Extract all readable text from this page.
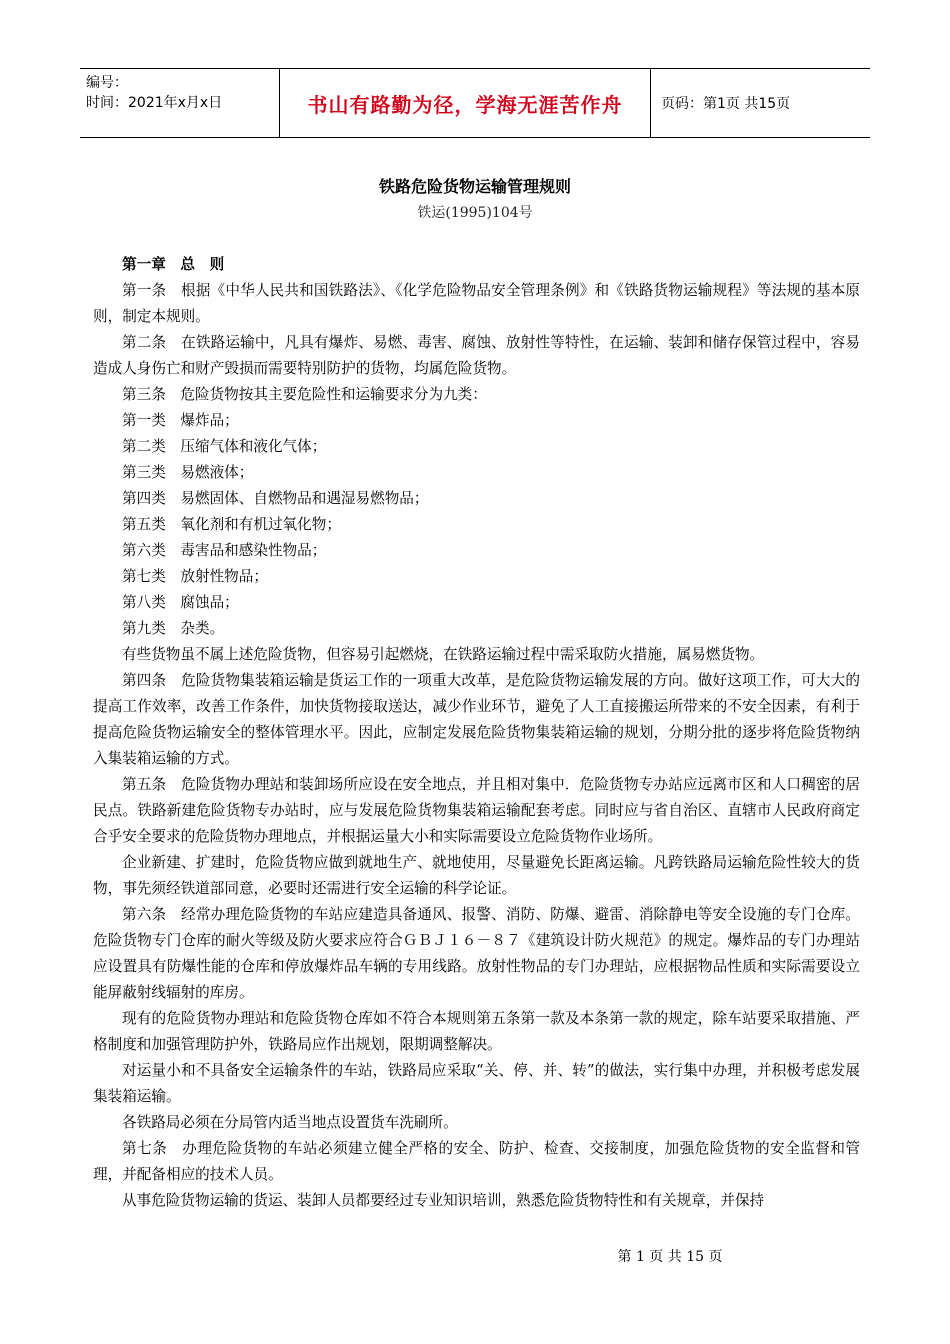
编号：
时间：2021年x月x日	书山有路勤为径，学海无涯苦作舟	页码：第1页 共15页
铁路危险货物运输管理规则
铁运(1995)104号

第一章　总　则

第一条　根据《中华人民共和国铁路法》、《化学危险物品安全管理条例》和《铁路货物运输规程》等法规的基本原则，制定本规则。

第二条　在铁路运输中，凡具有爆炸、易燃、毒害、腐蚀、放射性等特性，在运输、装卸和储存保管过程中，容易造成人身伤亡和财产毁损而需要特别防护的货物，均属危险货物。

第三条　危险货物按其主要危险性和运输要求分为九类：

第一类　爆炸品；

第二类　压缩气体和液化气体；

第三类　易燃液体；

第四类　易燃固体、自燃物品和遇湿易燃物品；

第五类　氧化剂和有机过氧化物；

第六类　毒害品和感染性物品；

第七类　放射性物品；

第八类　腐蚀品；

第九类　杂类。

有些货物虽不属上述危险货物，但容易引起燃烧，在铁路运输过程中需采取防火措施，属易燃货物。

第四条　危险货物集装箱运输是货运工作的一项重大改革，是危险货物运输发展的方向。做好这项工作，可大大的提高工作效率，改善工作条件，加快货物接取送达，减少作业环节，避免了人工直接搬运所带来的不安全因素，有利于提高危险货物运输安全的整体管理水平。因此，应制定发展危险货物集装箱运输的规划，分期分批的逐步将危险货物纳入集装箱运输的方式。

第五条　危险货物办理站和装卸场所应设在安全地点，并且相对集中．危险货物专办站应远离市区和人口稠密的居民点。铁路新建危险货物专办站时，应与发展危险货物集装箱运输配套考虑。同时应与省自治区、直辖市人民政府商定合乎安全要求的危险货物办理地点，并根据运量大小和实际需要设立危险货物作业场所。

企业新建、扩建时，危险货物应做到就地生产、就地使用，尽量避免长距离运输。凡跨铁路局运输危险性较大的货物，事先须经铁道部同意，必要时还需进行安全运输的科学论证。

第六条　经常办理危险货物的车站应建造具备通风、报警、消防、防爆、避雷、消除静电等安全设施的专门仓库。危险货物专门仓库的耐火等级及防火要求应符合ＧＢＪ１６－８７《建筑设计防火规范》的规定。爆炸品的专门办理站应设置具有防爆性能的仓库和停放爆炸品车辆的专用线路。放射性物品的专门办理站，应根据物品性质和实际需要设立能屏蔽射线辐射的库房。

现有的危险货物办理站和危险货物仓库如不符合本规则第五条第一款及本条第一款的规定，除车站要采取措施、严格制度和加强管理防护外，铁路局应作出规划，限期调整解决。

对运量小和不具备安全运输条件的车站，铁路局应采取“关、停、并、转”的做法，实行集中办理，并积极考虑发展集装箱运输。

各铁路局必须在分局管内适当地点设置货车洗刷所。

第七条　办理危险货物的车站必须建立健全严格的安全、防护、检查、交接制度，加强危险货物的安全监督和管理，并配备相应的技术人员。

从事危险货物运输的货运、装卸人员都要经过专业知识培训，熟悉危险货物特性和有关规章，并保持

第 1 页 共 15 页
